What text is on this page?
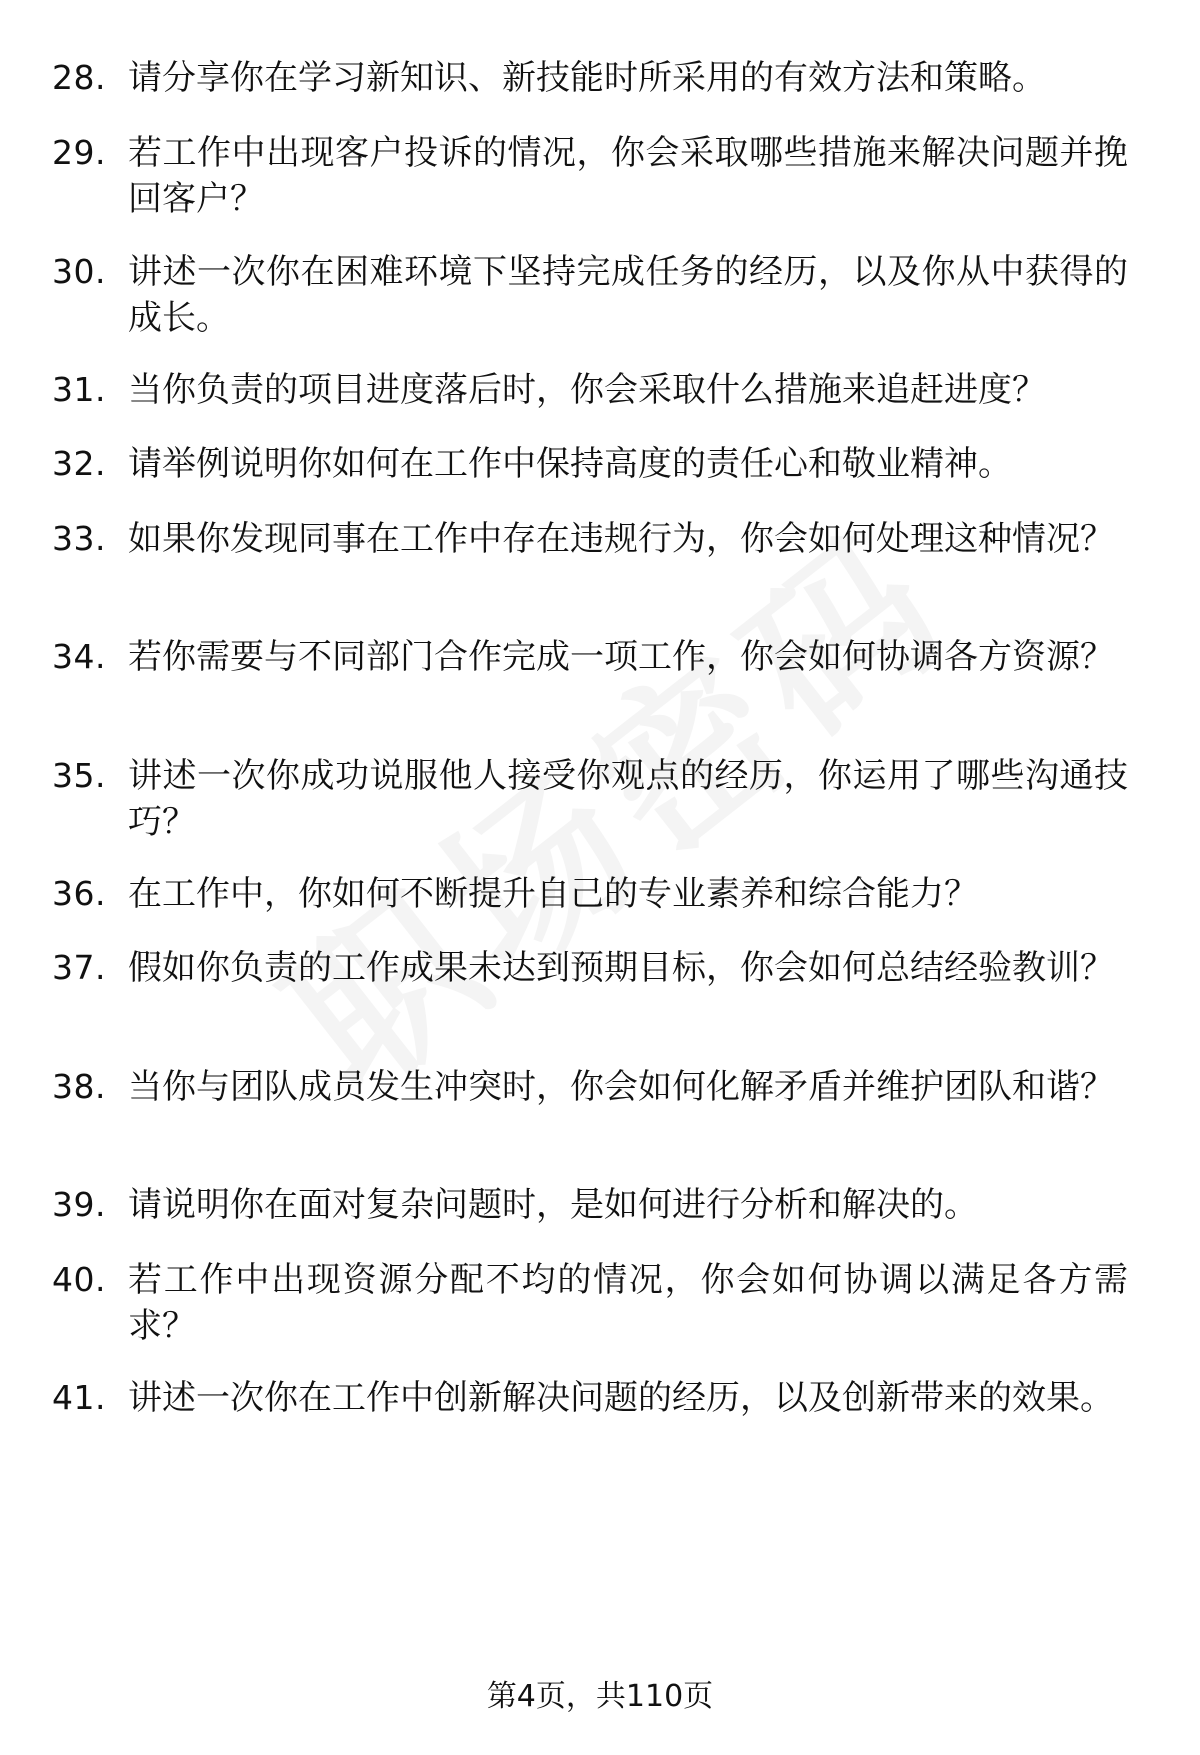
28. 请分享你在学习新知识、新技能时所采用的有效方法和策略。
29. 若工作中出现客户投诉的情况，你会采取哪些措施来解决问题并挽回客户？
30. 讲述一次你在困难环境下坚持完成任务的经历，以及你从中获得的成长。
31. 当你负责的项目进度落后时，你会采取什么措施来追赶进度？
32. 请举例说明你如何在工作中保持高度的责任心和敬业精神。
33. 如果你发现同事在工作中存在违规行为，你会如何处理这种情况？
34. 若你需要与不同部门合作完成一项工作，你会如何协调各方资源？
35. 讲述一次你成功说服他人接受你观点的经历，你运用了哪些沟通技巧？
36. 在工作中，你如何不断提升自己的专业素养和综合能力？
37. 假如你负责的工作成果未达到预期目标，你会如何总结经验教训？
38. 当你与团队成员发生冲突时，你会如何化解矛盾并维护团队和谐？
39. 请说明你在面对复杂问题时，是如何进行分析和解决的。
40. 若工作中出现资源分配不均的情况，你会如何协调以满足各方需求？
41. 讲述一次你在工作中创新解决问题的经历，以及创新带来的效果。
第4页，共110页
